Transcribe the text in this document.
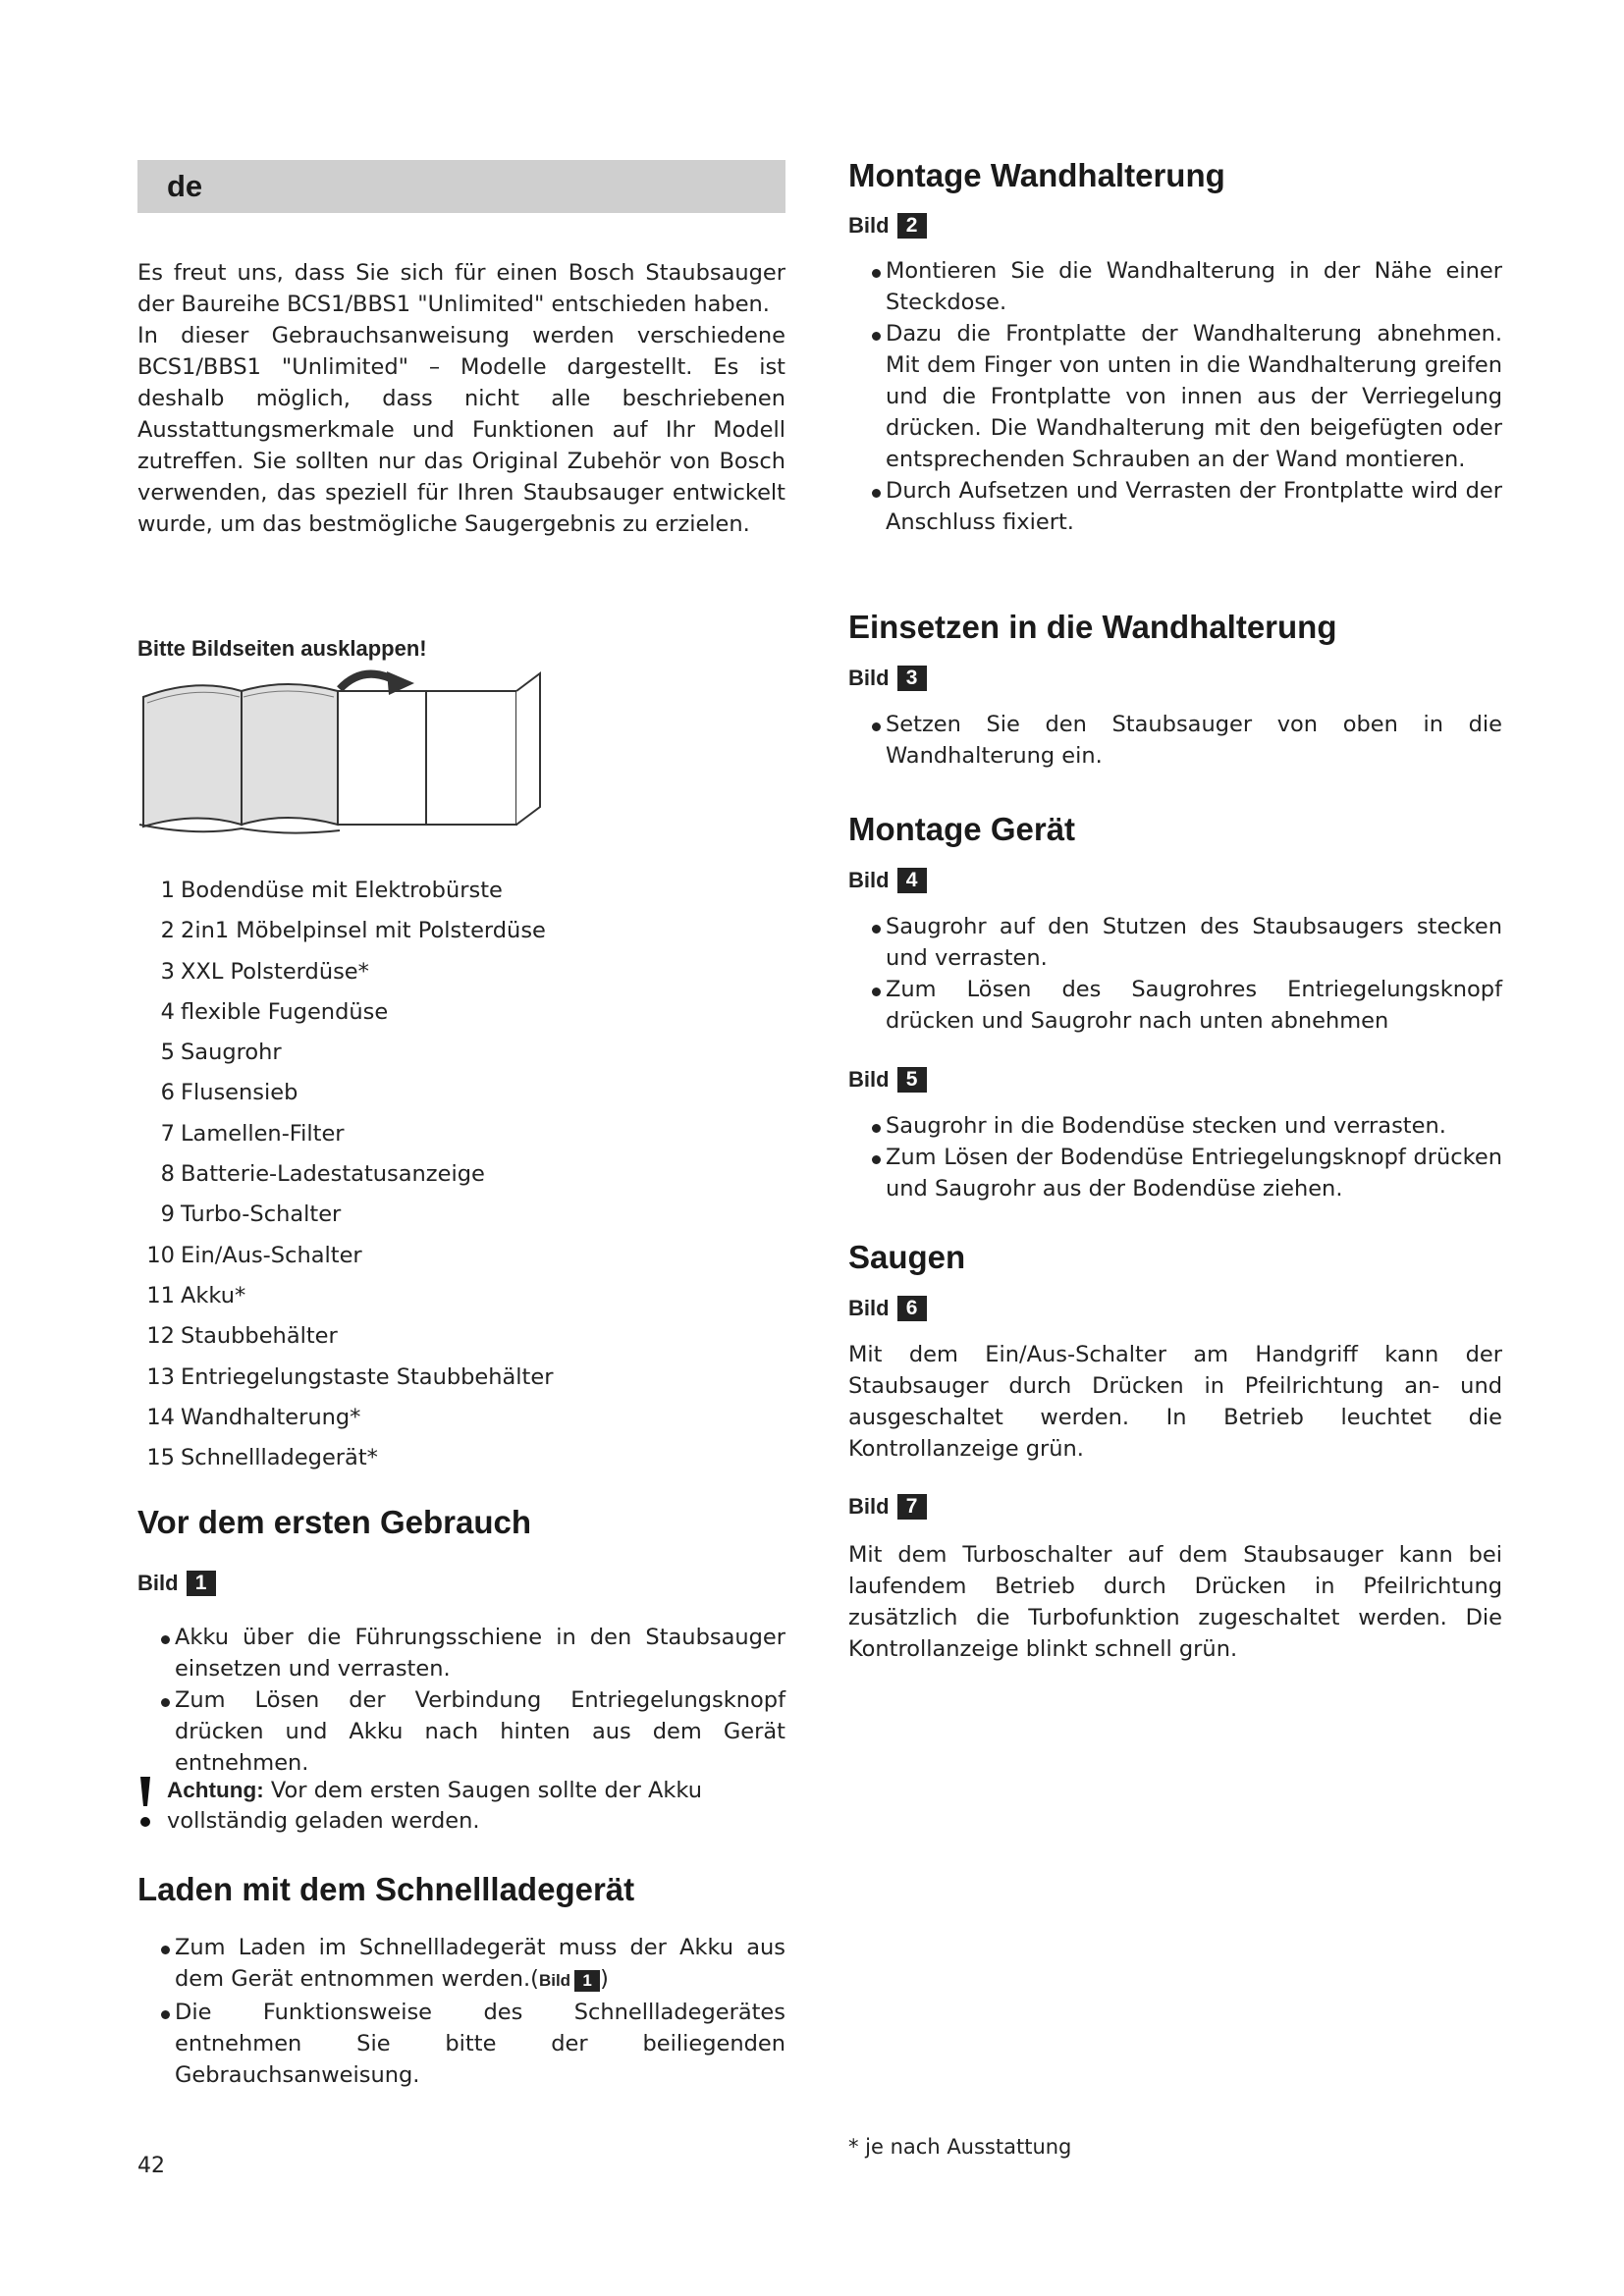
de

Es freut uns, dass Sie sich für einen Bosch Staubsauger der Baureihe BCS1/BBS1 "Unlimited" entschieden haben.

In dieser Gebrauchsanweisung werden verschiedene BCS1/BBS1 "Unlimited" – Modelle dargestellt. Es ist deshalb möglich, dass nicht alle beschriebenen Ausstattungsmerkmale und Funktionen auf Ihr Modell zutreffen. Sie sollten nur das Original Zubehör von Bosch verwenden, das speziell für Ihren Staubsauger entwickelt wurde, um das bestmögliche Saugergebnis zu erzielen.

Bitte Bildseiten ausklappen!
1 Bodendüse mit Elektrobürste
2 2in1 Möbelpinsel mit Polsterdüse
3 XXL Polsterdüse*
4 flexible Fugendüse
5 Saugrohr
6 Flusensieb
7 Lamellen-Filter
8 Batterie-Ladestatusanzeige
9 Turbo-Schalter
10 Ein/Aus-Schalter
11 Akku*
12 Staubbehälter
13 Entriegelungstaste Staubbehälter
14 Wandhalterung*
15 Schnellladegerät*
Vor dem ersten Gebrauch
Bild 1
Akku über die Führungsschiene in den Staubsauger einsetzen und verrasten.
Zum Lösen der Verbindung Entriegelungsknopf drücken und Akku nach hinten aus dem Gerät entnehmen.
Achtung: Vor dem ersten Saugen sollte der Akku vollständig geladen werden.
Laden mit dem Schnellladegerät
Zum Laden im Schnellladegerät muss der Akku aus dem Gerät entnommen werden.( Bild 1 )
Die Funktionsweise des Schnellladegerätes entnehmen Sie bitte der beiliegenden Gebrauchsanweisung.
Montage Wandhalterung
Bild 2
Montieren Sie die Wandhalterung in der Nähe einer Steckdose.
Dazu die Frontplatte der Wandhalterung abnehmen. Mit dem Finger von unten in die Wandhalterung greifen und die Frontplatte von innen aus der Verriegelung drücken. Die Wandhalterung mit den beigefügten oder entsprechenden Schrauben an der Wand montieren.
Durch Aufsetzen und Verrasten der Frontplatte wird der Anschluss fixiert.
Einsetzen in die Wandhalterung
Bild 3
Setzen Sie den Staubsauger von oben in die Wandhalterung ein.
Montage Gerät
Bild 4
Saugrohr auf den Stutzen des Staubsaugers stecken und verrasten.
Zum Lösen des Saugrohres Entriegelungsknopf drücken und Saugrohr nach unten abnehmen
Bild 5
Saugrohr in die Bodendüse stecken und verrasten.
Zum Lösen der Bodendüse Entriegelungsknopf drücken und Saugrohr aus der Bodendüse ziehen.
Saugen
Bild 6

Mit dem Ein/Aus-Schalter am Handgriff kann der Staubsauger durch Drücken in Pfeilrichtung an- und ausgeschaltet werden. In Betrieb leuchtet die Kontrollanzeige grün.

Bild 7

Mit dem Turboschalter auf dem Staubsauger kann bei laufendem Betrieb durch Drücken in Pfeilrichtung zusätzlich die Turbofunktion zugeschaltet werden. Die Kontrollanzeige blinkt schnell grün.

42
* je nach Ausstattung
